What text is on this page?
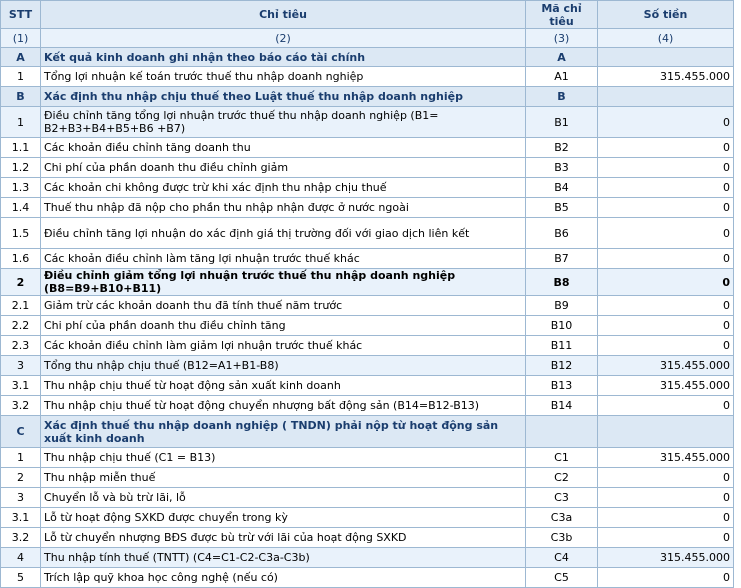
STT	Chỉ tiêu	Mã chỉ tiêu	Số tiền
(1)	(2)	(3)	(4)
A	Kết quả kinh doanh ghi nhận theo báo cáo tài chính	A	
1	Tổng lợi nhuận kế toán trước thuế thu nhập doanh nghiệp	A1	315.455.000
B	Xác định thu nhập chịu thuế theo Luật thuế thu nhập doanh nghiệp	B	
1	Điều chỉnh tăng tổng lợi nhuận trước thuế thu nhập doanh nghiệp (B1= B2+B3+B4+B5+B6 +B7)	B1	0
1.1	Các khoản điều chỉnh tăng doanh thu	B2	0
1.2	Chi phí của phần doanh thu điều chỉnh giảm	B3	0
1.3	Các khoản chi không được trừ khi xác định thu nhập chịu thuế	B4	0
1.4	Thuế thu nhập đã nộp cho phần thu nhập nhận được ở nước ngoài	B5	0
1.5	Điều chỉnh tăng lợi nhuận do xác định giá thị trường đối với giao dịch liên kết	B6	0
1.6	Các khoản điều chỉnh làm tăng lợi nhuận trước thuế khác	B7	0
2	Điều chỉnh giảm tổng lợi nhuận trước thuế thu nhập doanh nghiệp (B8=B9+B10+B11)	B8	0
2.1	Giảm trừ các khoản doanh thu đã tính thuế năm trước	B9	0
2.2	Chi phí của phần doanh thu điều chỉnh tăng	B10	0
2.3	Các khoản điều chỉnh làm giảm lợi nhuận trước thuế khác	B11	0
3	Tổng thu nhập chịu thuế (B12=A1+B1-B8)	B12	315.455.000
3.1	Thu nhập chịu thuế từ hoạt động sản xuất kinh doanh	B13	315.455.000
3.2	Thu nhập chịu thuế từ hoạt động chuyển nhượng bất động sản (B14=B12-B13)	B14	0
C	Xác định thuế thu nhập doanh nghiệp ( TNDN) phải nộp từ hoạt động sản xuất kinh doanh		
1	Thu nhập chịu thuế (C1 = B13)	C1	315.455.000
2	Thu nhập miễn thuế	C2	0
3	Chuyển lỗ và bù trừ lãi, lỗ	C3	0
3.1	Lỗ từ hoạt động SXKD được chuyển trong kỳ	C3a	0
3.2	Lỗ từ chuyển nhượng BĐS được bù trừ với lãi của hoạt động SXKD	C3b	0
4	Thu nhập tính thuế (TNTT) (C4=C1-C2-C3a-C3b)	C4	315.455.000
5	Trích lập quỹ khoa học công nghệ (nếu có)	C5	0
